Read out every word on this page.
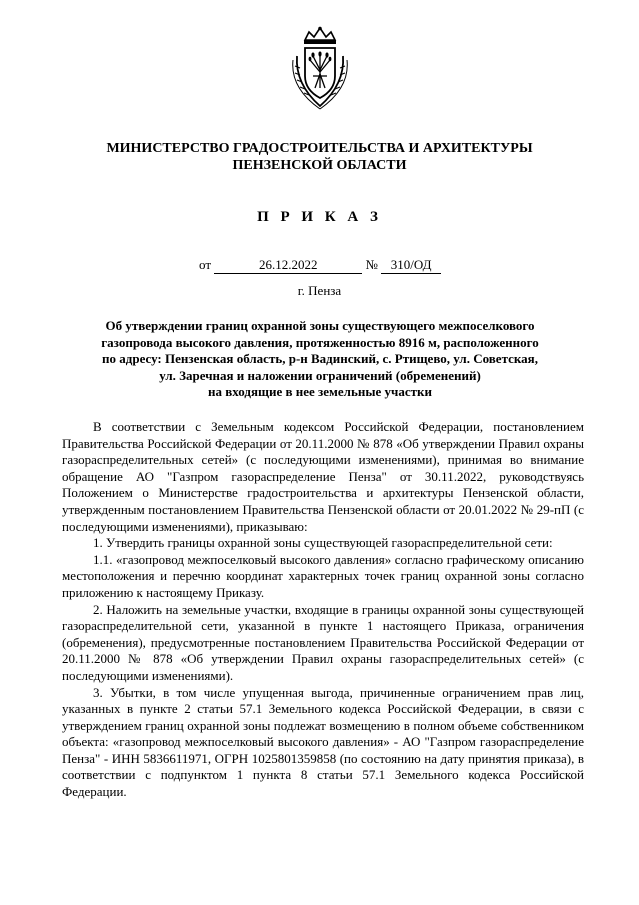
МИНИСТЕРСТВО ГРАДОСТРОИТЕЛЬСТВА И АРХИТЕКТУРЫ
ПЕНЗЕНСКОЙ ОБЛАСТИ
П Р И К А З
от	26.12.2022	№ 310/ОД
г. Пенза
Об утверждении границ охранной зоны существующего межпоселкового
газопровода высокого давления, протяженностью 8916 м, расположенного
по адресу: Пензенская область, р-н Вадинский, с. Ртищево, ул. Советская,
ул. Заречная и наложении ограничений (обременений)
на входящие в нее земельные участки

В соответствии с Земельным кодексом Российской Федерации, постановлением Правительства Российской Федерации от 20.11.2000 № 878 «Об утверждении Правил охраны газораспределительных сетей» (с последующими изменениями), принимая во внимание обращение АО "Газпром газораспределение Пенза" от 30.11.2022, руководствуясь Положением о Министерстве градостроительства и архитектуры Пензенской области, утвержденным постановлением Правительства Пензенской области от 20.01.2022 № 29-пП (с последующими изменениями), приказываю:

1. Утвердить границы охранной зоны существующей газораспределительной сети:

1.1. «газопровод межпоселковый высокого давления» согласно графическому описанию местоположения и перечню координат характерных точек границ охранной зоны согласно приложению к настоящему Приказу.

2. Наложить на земельные участки, входящие в границы охранной зоны существующей газораспределительной сети, указанной в пункте 1 настоящего Приказа, ограничения (обременения), предусмотренные постановлением Правительства Российской Федерации от 20.11.2000 № 878 «Об утверждении Правил охраны газораспределительных сетей» (с последующими изменениями).

3. Убытки, в том числе упущенная выгода, причиненные ограничением прав лиц, указанных в пункте 2 статьи 57.1 Земельного кодекса Российской Федерации, в связи с утверждением границ охранной зоны подлежат возмещению в полном объеме собственником объекта: «газопровод межпоселковый высокого давления» - АО "Газпром газораспределение Пенза" - ИНН 5836611971, ОГРН 1025801359858 (по состоянию на дату принятия приказа), в соответствии с подпунктом 1 пункта 8 статьи 57.1 Земельного кодекса Российской Федерации.
